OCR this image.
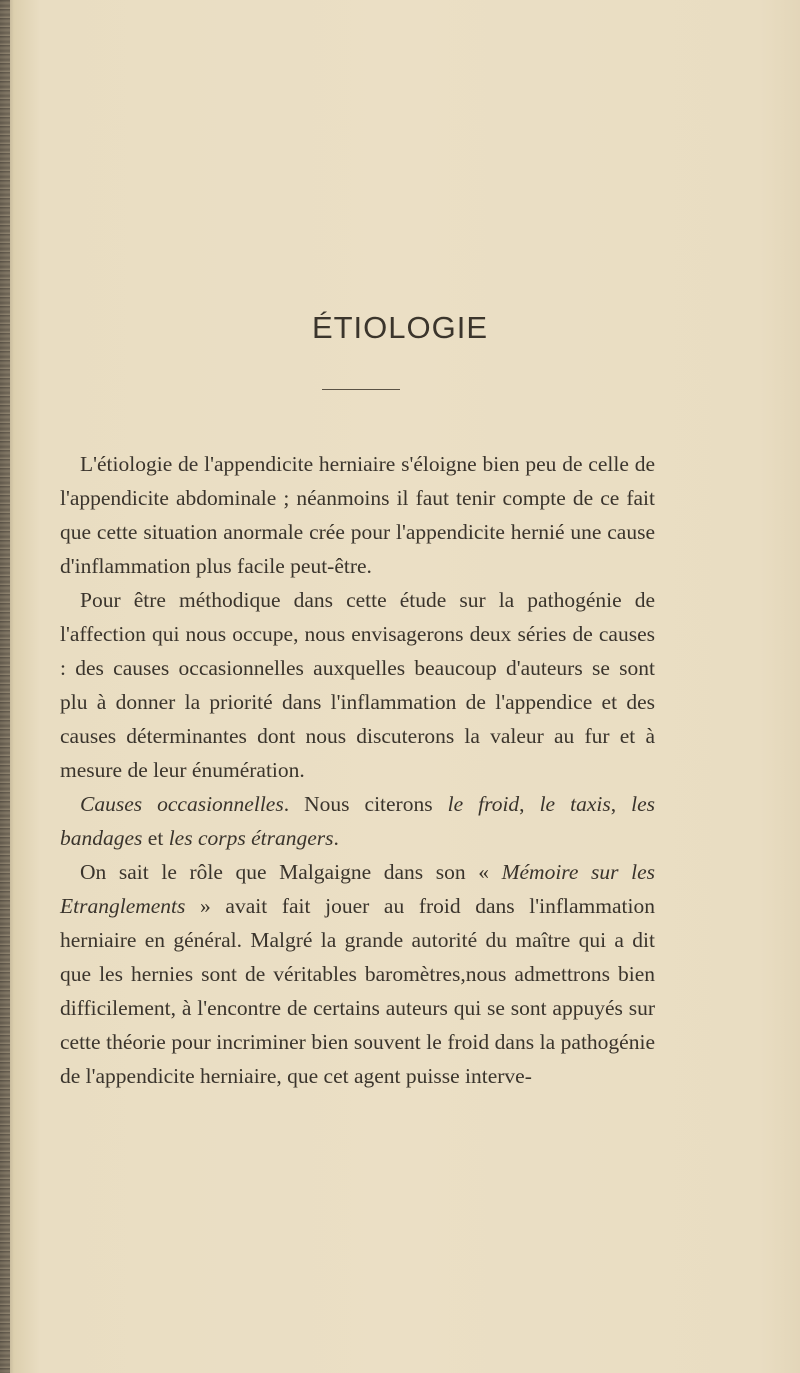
ÉTIOLOGIE

L'étiologie de l'appendicite herniaire s'éloigne bien peu de celle de l'appendicite abdominale ; néanmoins il faut tenir compte de ce fait que cette situation anormale crée pour l'appendicite hernié une cause d'inflammation plus facile peut-être.

Pour être méthodique dans cette étude sur la pathogénie de l'affection qui nous occupe, nous envisagerons deux séries de causes : des causes occasionnelles auxquelles beaucoup d'auteurs se sont plu à donner la priorité dans l'inflammation de l'appendice et des causes déterminantes dont nous discuterons la valeur au fur et à mesure de leur énumération.

Causes occasionnelles. Nous citerons le froid, le taxis, les bandages et les corps étrangers.

On sait le rôle que Malgaigne dans son « Mémoire sur les Etranglements » avait fait jouer au froid dans l'inflammation herniaire en général. Malgré la grande autorité du maître qui a dit que les hernies sont de véritables baromètres,nous admettrons bien difficilement, à l'encontre de certains auteurs qui se sont appuyés sur cette théorie pour incriminer bien souvent le froid dans la pathogénie de l'appendicite herniaire, que cet agent puisse interve-
